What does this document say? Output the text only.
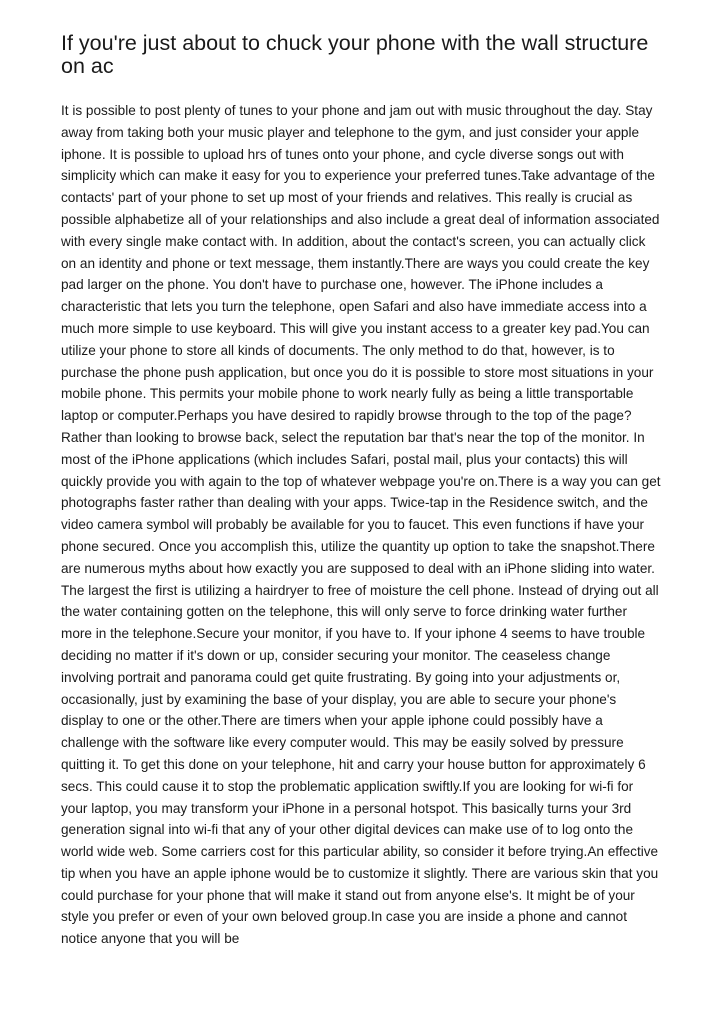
If you're just about to chuck your phone with the wall structure on ac

It is possible to post plenty of tunes to your phone and jam out with music throughout the day. Stay away from taking both your music player and telephone to the gym, and just consider your apple iphone. It is possible to upload hrs of tunes onto your phone, and cycle diverse songs out with simplicity which can make it easy for you to experience your preferred tunes.Take advantage of the contacts' part of your phone to set up most of your friends and relatives. This really is crucial as possible alphabetize all of your relationships and also include a great deal of information associated with every single make contact with. In addition, about the contact's screen, you can actually click on an identity and phone or text message, them instantly.There are ways you could create the key pad larger on the phone. You don't have to purchase one, however. The iPhone includes a characteristic that lets you turn the telephone, open Safari and also have immediate access into a much more simple to use keyboard. This will give you instant access to a greater key pad.You can utilize your phone to store all kinds of documents. The only method to do that, however, is to purchase the phone push application, but once you do it is possible to store most situations in your mobile phone. This permits your mobile phone to work nearly fully as being a little transportable laptop or computer.Perhaps you have desired to rapidly browse through to the top of the page? Rather than looking to browse back, select the reputation bar that's near the top of the monitor. In most of the iPhone applications (which includes Safari, postal mail, plus your contacts) this will quickly provide you with again to the top of whatever webpage you're on.There is a way you can get photographs faster rather than dealing with your apps. Twice-tap in the Residence switch, and the video camera symbol will probably be available for you to faucet. This even functions if have your phone secured. Once you accomplish this, utilize the quantity up option to take the snapshot.There are numerous myths about how exactly you are supposed to deal with an iPhone sliding into water. The largest the first is utilizing a hairdryer to free of moisture the cell phone. Instead of drying out all the water containing gotten on the telephone, this will only serve to force drinking water further more in the telephone.Secure your monitor, if you have to. If your iphone 4 seems to have trouble deciding no matter if it's down or up, consider securing your monitor. The ceaseless change involving portrait and panorama could get quite frustrating. By going into your adjustments or, occasionally, just by examining the base of your display, you are able to secure your phone's display to one or the other.There are timers when your apple iphone could possibly have a challenge with the software like every computer would. This may be easily solved by pressure quitting it. To get this done on your telephone, hit and carry your house button for approximately 6 secs. This could cause it to stop the problematic application swiftly.If you are looking for wi-fi for your laptop, you may transform your iPhone in a personal hotspot. This basically turns your 3rd generation signal into wi-fi that any of your other digital devices can make use of to log onto the world wide web. Some carriers cost for this particular ability, so consider it before trying.An effective tip when you have an apple iphone would be to customize it slightly. There are various skin that you could purchase for your phone that will make it stand out from anyone else's. It might be of your style you prefer or even of your own beloved group.In case you are inside a phone and cannot notice anyone that you will be
